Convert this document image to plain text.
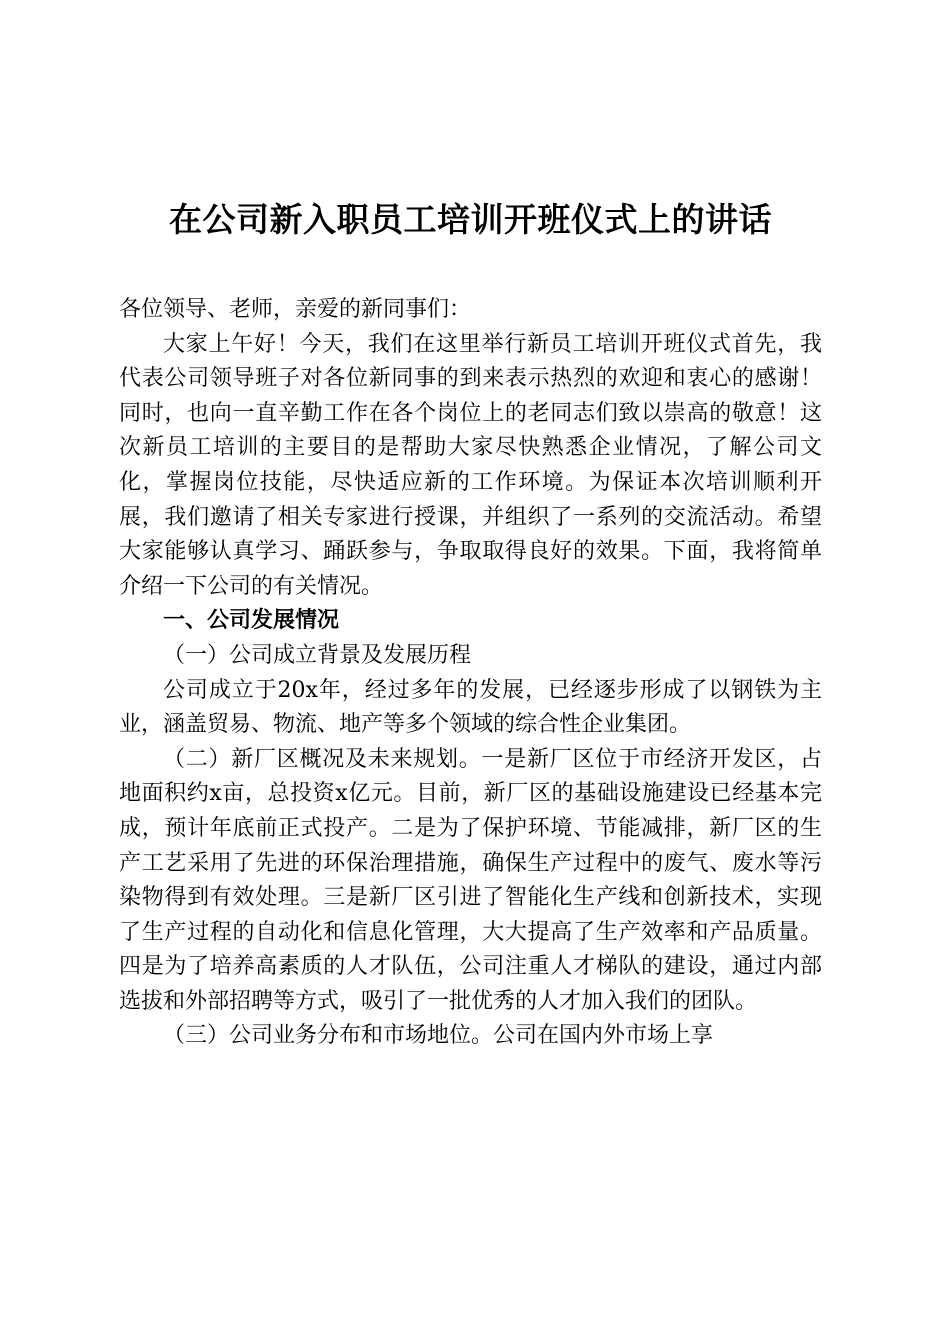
在公司新入职员工培训开班仪式上的讲话

各位领导、老师，亲爱的新同事们：

大家上午好！今天，我们在这里举行新员工培训开班仪式首先，我代表公司领导班子对各位新同事的到来表示热烈的欢迎和衷心的感谢！同时，也向一直辛勤工作在各个岗位上的老同志们致以崇高的敬意！这次新员工培训的主要目的是帮助大家尽快熟悉企业情况，了解公司文化，掌握岗位技能，尽快适应新的工作环境。为保证本次培训顺利开展，我们邀请了相关专家进行授课，并组织了一系列的交流活动。希望大家能够认真学习、踊跃参与，争取取得良好的效果。下面，我将简单介绍一下公司的有关情况。

一、公司发展情况

（一）公司成立背景及发展历程

公司成立于20x年，经过多年的发展，已经逐步形成了以钢铁为主业，涵盖贸易、物流、地产等多个领域的综合性企业集团。

（二）新厂区概况及未来规划。一是新厂区位于市经济开发区，占地面积约x亩，总投资x亿元。目前，新厂区的基础设施建设已经基本完成，预计年底前正式投产。二是为了保护环境、节能减排，新厂区的生产工艺采用了先进的环保治理措施，确保生产过程中的废气、废水等污染物得到有效处理。三是新厂区引进了智能化生产线和创新技术，实现了生产过程的自动化和信息化管理，大大提高了生产效率和产品质量。四是为了培养高素质的人才队伍，公司注重人才梯队的建设，通过内部选拔和外部招聘等方式，吸引了一批优秀的人才加入我们的团队。

（三）公司业务分布和市场地位。公司在国内外市场上享
